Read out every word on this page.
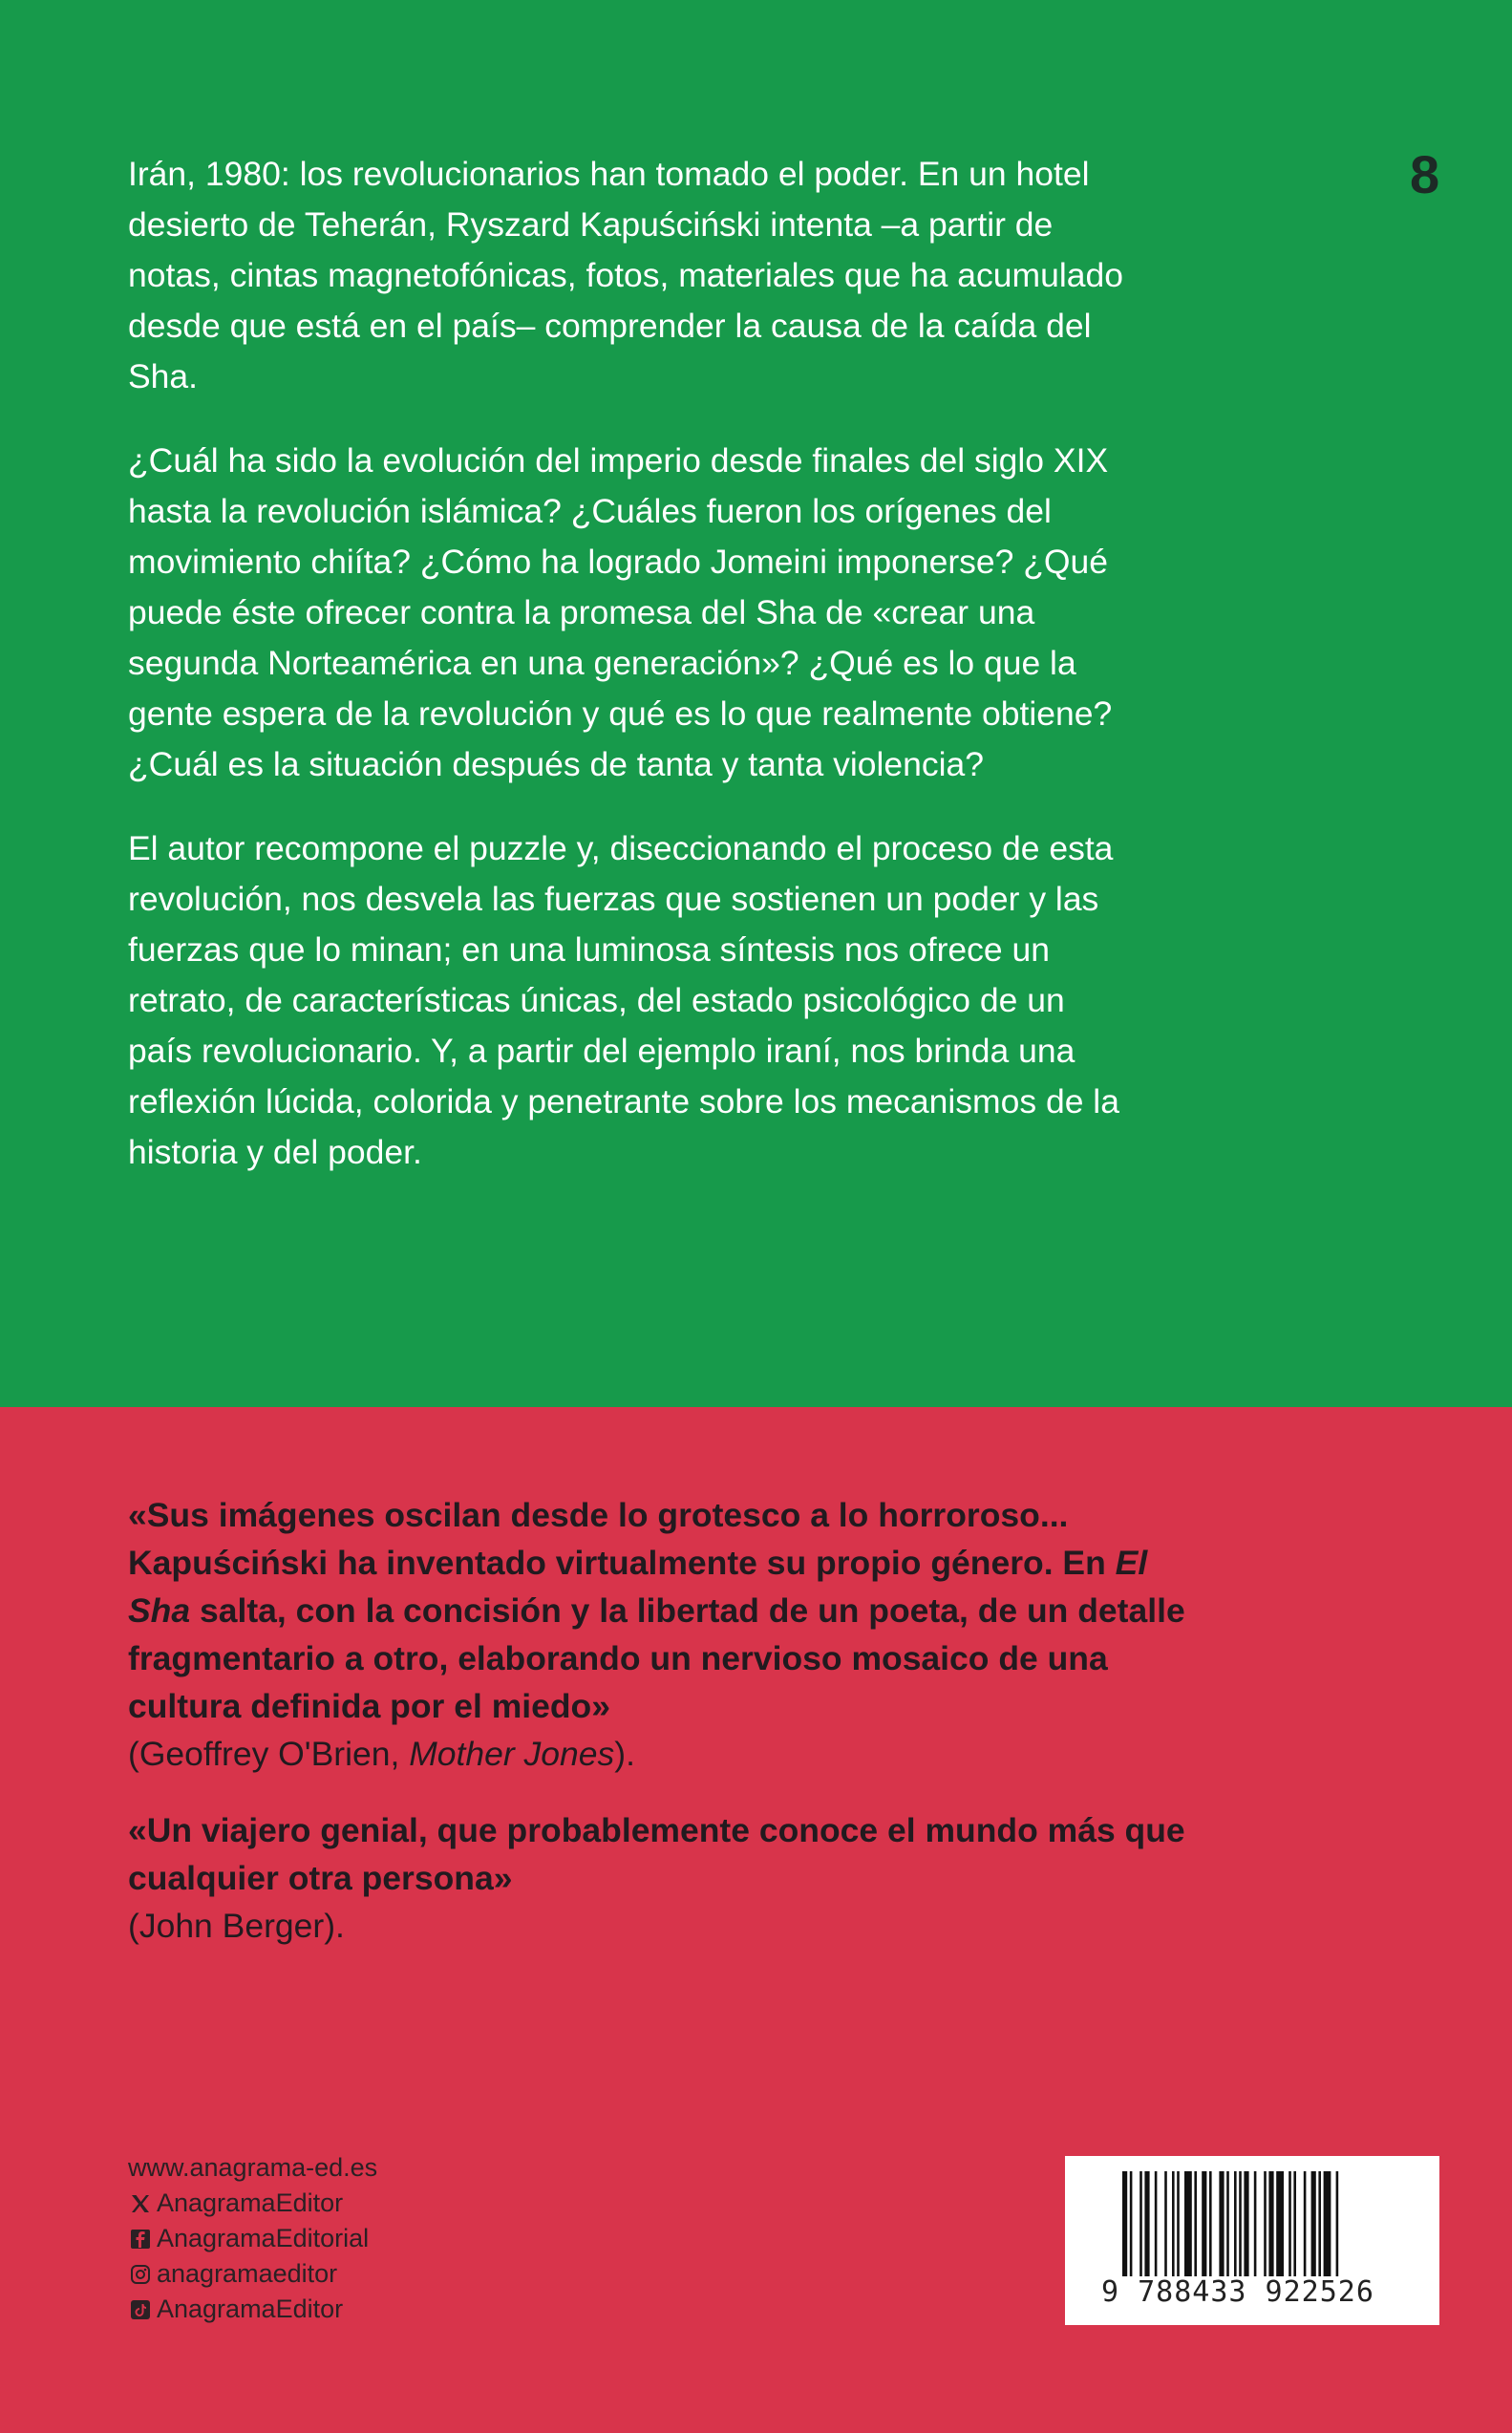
8

Irán, 1980: los revolucionarios han tomado el poder. En un hotel desierto de Teherán, Ryszard Kapuściński intenta –a partir de notas, cintas magnetofónicas, fotos, materiales que ha acumulado desde que está en el país– comprender la causa de la caída del Sha.

¿Cuál ha sido la evolución del imperio desde finales del siglo XIX hasta la revolución islámica? ¿Cuáles fueron los orígenes del movimiento chiíta? ¿Cómo ha logrado Jomeini imponerse? ¿Qué puede éste ofrecer contra la promesa del Sha de «crear una segunda Norteamérica en una generación»? ¿Qué es lo que la gente espera de la revolución y qué es lo que realmente obtiene? ¿Cuál es la situación después de tanta y tanta violencia?

El autor recompone el puzzle y, diseccionando el proceso de esta revolución, nos desvela las fuerzas que sostienen un poder y las fuerzas que lo minan; en una luminosa síntesis nos ofrece un retrato, de características únicas, del estado psicológico de un país revolucionario. Y, a partir del ejemplo iraní, nos brinda una reflexión lúcida, colorida y penetrante sobre los mecanismos de la historia y del poder.

«Sus imágenes oscilan desde lo grotesco a lo horroroso... Kapuściński ha inventado virtualmente su propio género. En El Sha salta, con la concisión y la libertad de un poeta, de un detalle fragmentario a otro, elaborando un nervioso mosaico de una cultura definida por el miedo»
(Geoffrey O'Brien, Mother Jones).
«Un viajero genial, que probablemente conoce el mundo más que cualquier otra persona»
(John Berger).
www.anagrama-ed.es
AnagramaEditor
AnagramaEditorial
anagramaeditor
AnagramaEditor	9 788433 922526
